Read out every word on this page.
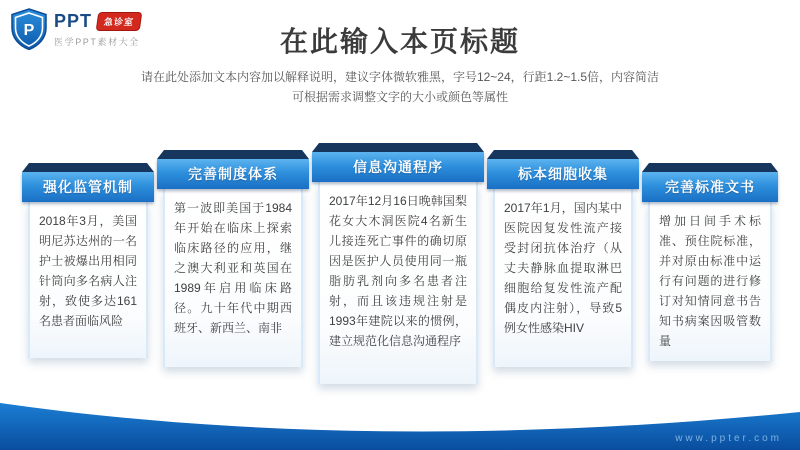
P PPT	急诊室
医学PPT素材大全	在此输入本页标题
请在此处添加文本内容加以解释说明，建议字体微软雅黑，字号12~24，行距1.2~1.5倍，内容简洁
可根据需求调整文字的大小或颜色等属性
强化监管机制
2018年3月，美国明尼苏达州的一名护士被爆出用相同针筒向多名病人注射，致使多达161名患者面临风险
完善制度体系
第一波即美国于1984年开始在临床上探索临床路径的应用，继之澳大利亚和英国在1989年启用临床路径。九十年代中期西班牙、新西兰、南非
信息沟通程序
2017年12月16日晚韩国梨花女大木洞医院4名新生儿接连死亡事件的确切原因是医护人员使用同一瓶脂肪乳剂向多名患者注射，而且该违规注射是1993年建院以来的惯例，建立规范化信息沟通程序
标本细胞收集
2017年1月，国内某中医院因复发性流产接受封闭抗体治疗（从丈夫静脉血提取淋巴细胞给复发性流产配偶皮内注射），导致5例女性感染HIV
完善标准文书
增加日间手术标准、预住院标准，并对原由标准中运 行有问题的进行修订对知情同意书告知书病案因吸管数量
www.ppter.com
